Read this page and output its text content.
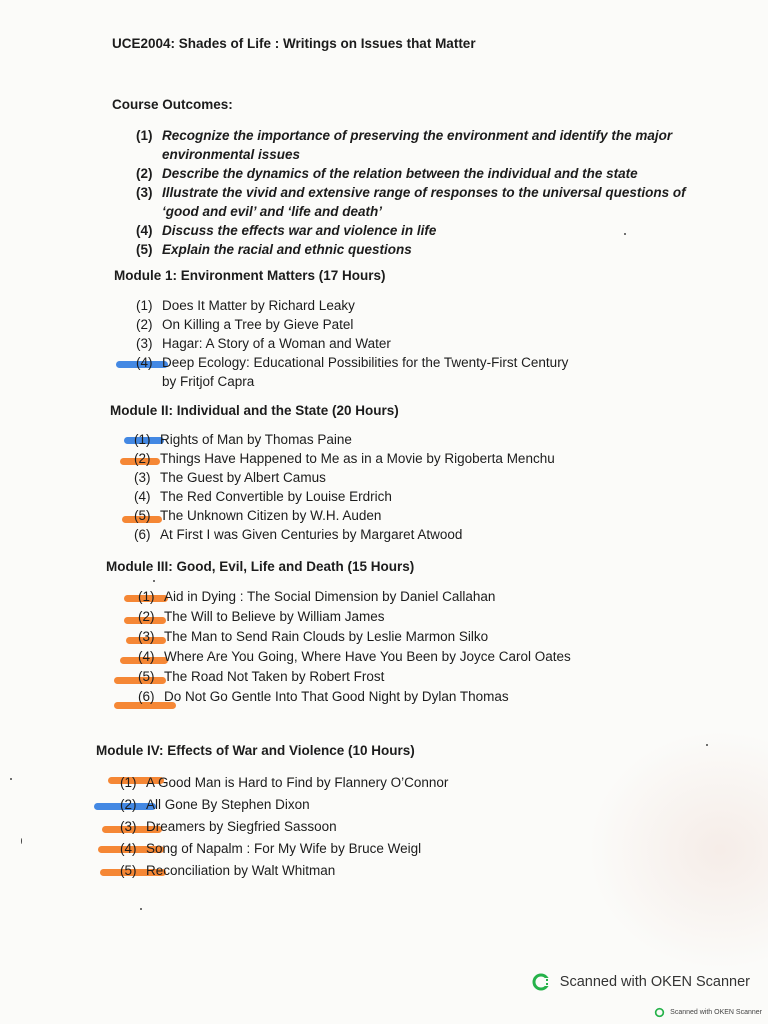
UCE2004: Shades of Life : Writings on Issues that Matter
Course Outcomes:
(1) Recognize the importance of preserving the environment and identify the major environmental issues
(2) Describe the dynamics of the relation between the individual and the state
(3) Illustrate the vivid and extensive range of responses to the universal questions of ‘good and evil’ and ‘life and death’
(4) Discuss the effects war and violence in life
(5) Explain the racial and ethnic questions
Module 1: Environment Matters (17 Hours)
(1) Does It Matter by Richard Leaky
(2) On Killing a Tree by Gieve Patel
(3) Hagar: A Story of a Woman and Water
(4) Deep Ecology: Educational Possibilities for the Twenty-First Century
by Fritjof Capra
Module II: Individual and the State (20 Hours)
(1) Rights of Man by Thomas Paine
(2) Things Have Happened to Me as in a Movie by Rigoberta Menchu
(3) The Guest by Albert Camus
(4) The Red Convertible by Louise Erdrich
(5) The Unknown Citizen by W.H. Auden
(6) At First I was Given Centuries by Margaret Atwood
Module III: Good, Evil, Life and Death (15 Hours)
(1) Aid in Dying : The Social Dimension by Daniel Callahan
(2) The Will to Believe by William James
(3) The Man to Send Rain Clouds by Leslie Marmon Silko
(4) Where Are You Going, Where Have You Been by Joyce Carol Oates
(5) The Road Not Taken by Robert Frost
(6) Do Not Go Gentle Into That Good Night by Dylan Thomas
Module IV: Effects of War and Violence (10 Hours)
(1) A Good Man is Hard to Find by Flannery O’Connor
(2) All Gone By Stephen Dixon
(3) Dreamers by Siegfried Sassoon
(4) Song of Napalm : For My Wife by Bruce Weigl
(5) Reconciliation by Walt Whitman
Scanned with OKEN Scanner
Scanned with OKEN Scanner
